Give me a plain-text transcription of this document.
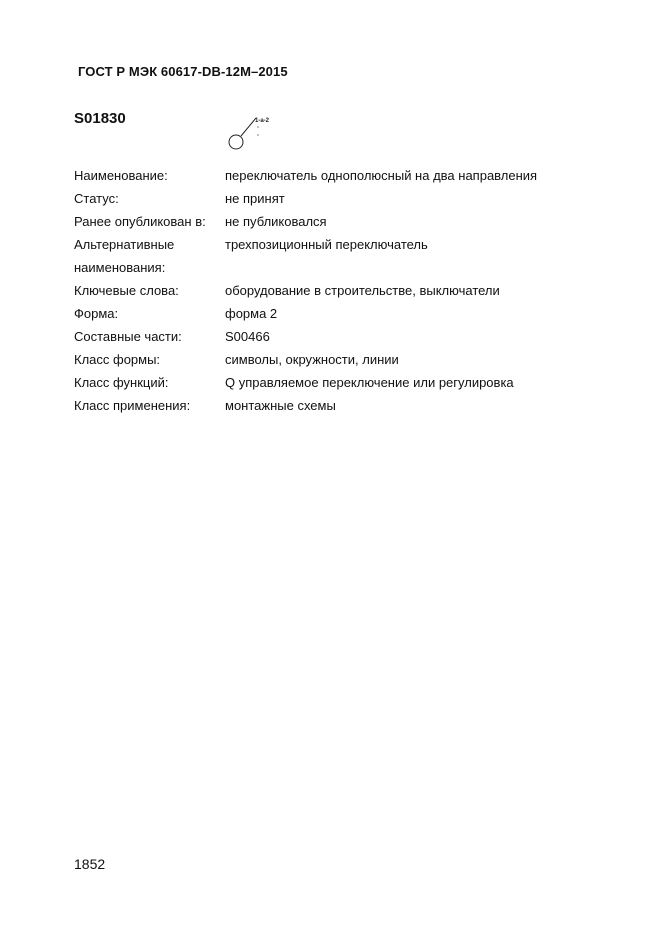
ГОСТ Р МЭК 60617-DB-12M–2015
S01830	1-a-2
Наименование:	переключатель однополюсный на два направления
Статус:	не принят
Ранее опубликован в:	не публиковался
Альтернативные наименования:
трехпозиционный переключатель
Ключевые слова:	оборудование в строительстве, выключатели
Форма:	форма 2
Составные части:	S00466
Класс формы:	символы, окружности, линии
Класс функций:	Q управляемое переключение или регулировка
Класс применения:	монтажные схемы
1852
